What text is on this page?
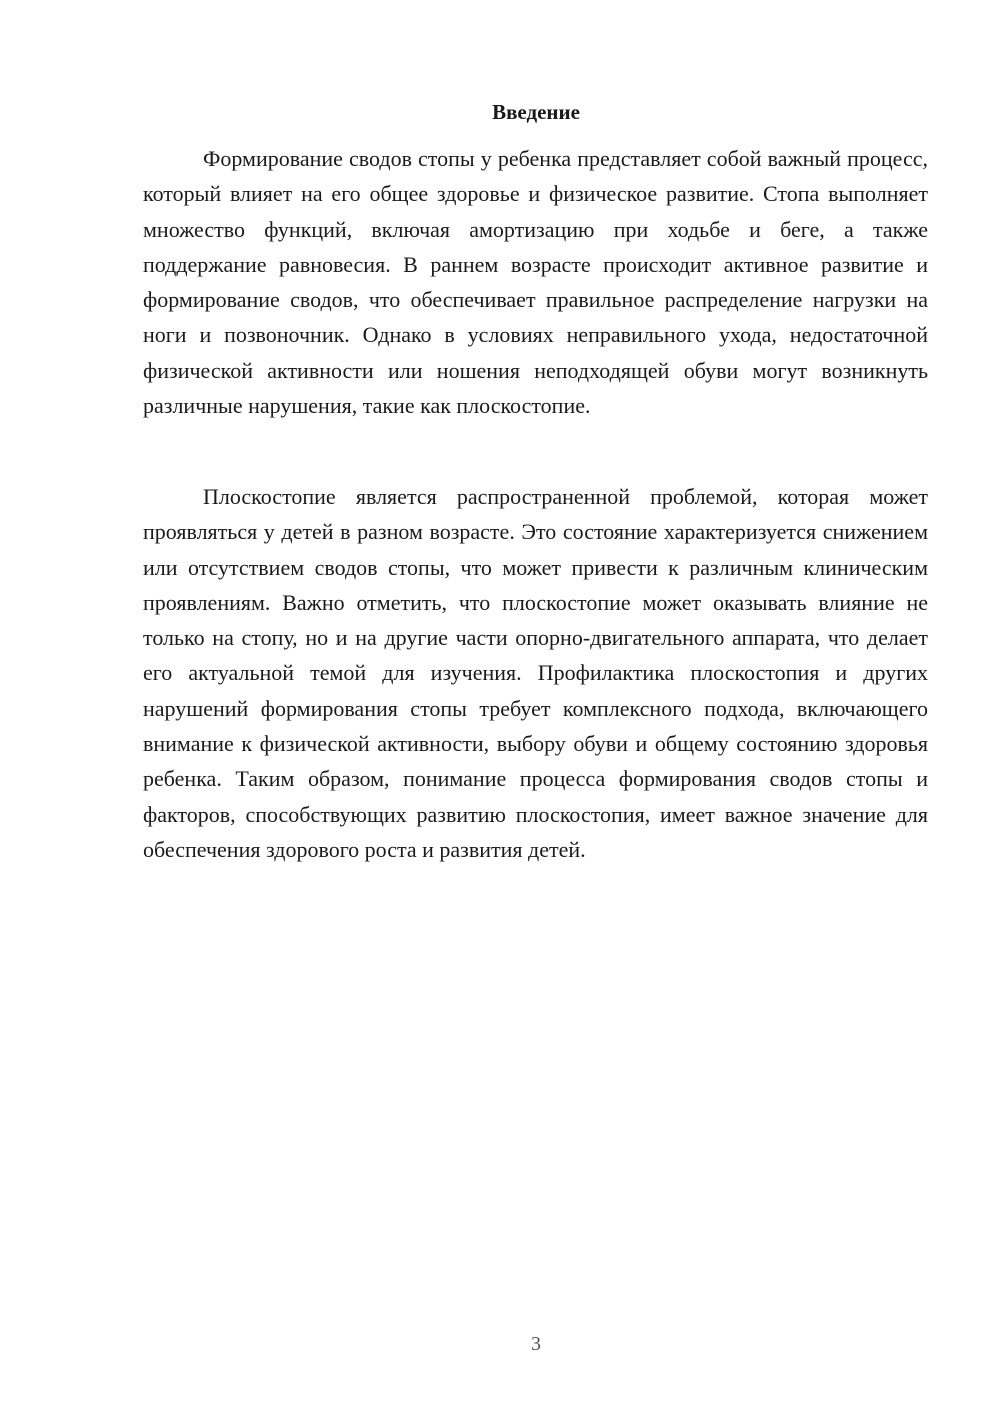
Введение

Формирование сводов стопы у ребенка представляет собой важный процесс, который влияет на его общее здоровье и физическое развитие. Стопа выполняет множество функций, включая амортизацию при ходьбе и беге, а также поддержание равновесия. В раннем возрасте происходит активное развитие и формирование сводов, что обеспечивает правильное распределение нагрузки на ноги и позвоночник. Однако в условиях неправильного ухода, недостаточной физической активности или ношения неподходящей обуви могут возникнуть различные нарушения, такие как плоскостопие.

Плоскостопие является распространенной проблемой, которая может проявляться у детей в разном возрасте. Это состояние характеризуется снижением или отсутствием сводов стопы, что может привести к различным клиническим проявлениям. Важно отметить, что плоскостопие может оказывать влияние не только на стопу, но и на другие части опорно-двигательного аппарата, что делает его актуальной темой для изучения. Профилактика плоскостопия и других нарушений формирования стопы требует комплексного подхода, включающего внимание к физической активности, выбору обуви и общему состоянию здоровья ребенка. Таким образом, понимание процесса формирования сводов стопы и факторов, способствующих развитию плоскостопия, имеет важное значение для обеспечения здорового роста и развития детей.

3
